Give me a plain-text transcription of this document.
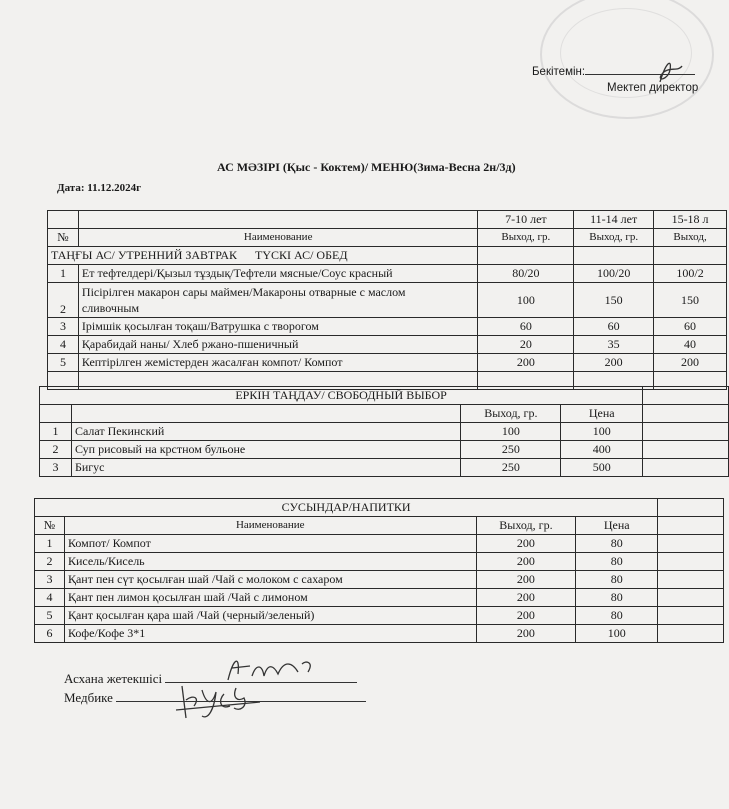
Бекітемін:
Мектеп директор
АС МӘЗІРІ (Қыс - Коктем)/ МЕНЮ(Зима-Весна 2н/3д)
Дата: 11.12.2024г
		7-10 лет	11-14 лет	15-18 л
№	Наименование	Выход, гр.	Выход, гр.	Выход,
ТАҢҒЫ АС/ УТРЕННИЙ ЗАВТРАК      ТҮСКІ АС/ ОБЕД				
1	Ет тефтелдері/Қызыл тұздық/Тефтели мясные/Соус красный	80/20	100/20	100/2
2	Пісірілген макарон сары маймен/Макароны отварные с маслом
сливочным	100	150	150
3	Ірімшік қосылған тоқаш/Ватрушка с творогом	60	60	60
4	Қарабидай наны/ Хлеб ржано-пшеничный	20	35	40
5	Кептірілген жемістерден жасалған компот/ Компот	200	200	200

ЕРКІН ТАҢДАУ/ СВОБОДНЫЙ ВЫБОР				
		Выход, гр.	Цена	
1	Салат Пекинский	100	100	
2	Суп рисовый на крстном бульоне	250	400	
3	Бигус	250	500	
СУСЫНДАР/НАПИТКИ				
№	Наименование	Выход, гр.	Цена	
1	Компот/ Компот	200	80	
2	Кисель/Кисель	200	80	
3	Қант пен сүт қосылған шай /Чай с молоком с сахаром	200	80	
4	Қант пен лимон қосылған шай /Чай с лимоном	200	80	
5	Қант қосылған қара шай /Чай (черный/зеленый)	200	80	
6	Кофе/Кофе 3*1	200	100	
Асхана жетекшісі
Медбике
